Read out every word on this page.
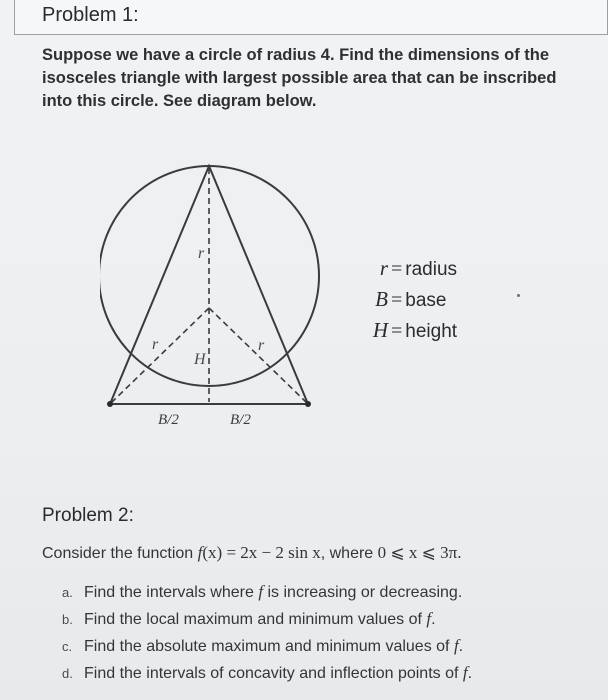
Problem 1:
Suppose we have a circle of radius 4. Find the dimensions of the isosceles triangle with largest possible area that can be inscribed into this circle. See diagram below.
r
r	r
H
B/2	B/2
r = radius
B = base
H = height
Problem 2:
Consider the function f(x) = 2x − 2 sin x, where 0 ⩽ x ⩽ 3π.
a. Find the intervals where f is increasing or decreasing.
b. Find the local maximum and minimum values of f.
c. Find the absolute maximum and minimum values of f.
d. Find the intervals of concavity and inflection points of f.
